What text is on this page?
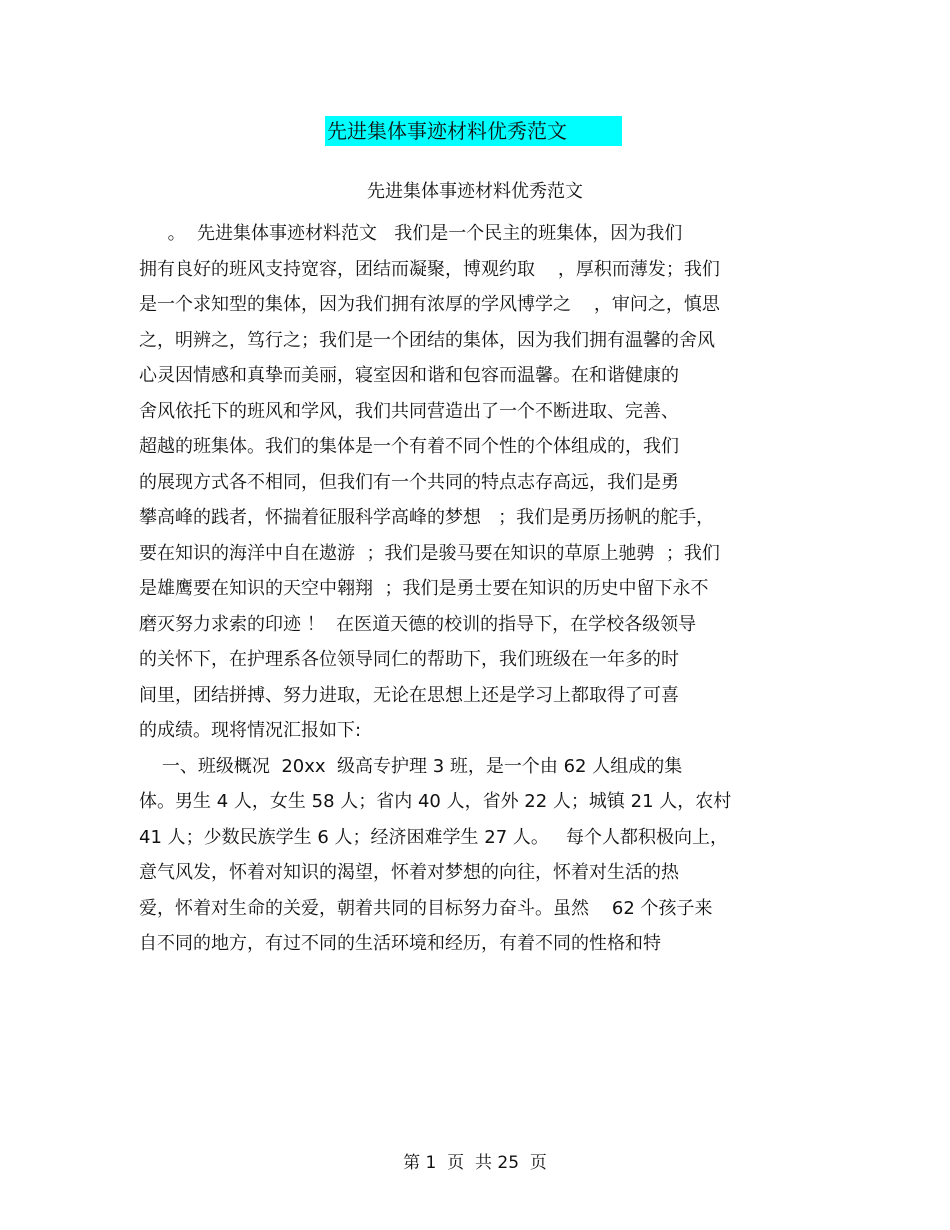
先进集体事迹材料优秀范文
先进集体事迹材料优秀范文
。  先进集体事迹材料范文   我们是一个民主的班集体，因为我们
拥有良好的班风支持宽容，团结而凝聚，博观约取    ，厚积而薄发；我们
是一个求知型的集体，因为我们拥有浓厚的学风博学之    ，审问之，慎思
之，明辨之，笃行之；我们是一个团结的集体，因为我们拥有温馨的舍风
心灵因情感和真挚而美丽，寝室因和谐和包容而温馨。在和谐健康的
舍风依托下的班风和学风，我们共同营造出了一个不断进取、完善、
超越的班集体。我们的集体是一个有着不同个性的个体组成的，我们
的展现方式各不相同，但我们有一个共同的特点志存高远，我们是勇
攀高峰的践者，怀揣着征服科学高峰的梦想   ；我们是勇历扬帆的舵手，
要在知识的海洋中自在遨游  ；我们是骏马要在知识的草原上驰骋  ；我们
是雄鹰要在知识的天空中翱翔  ；我们是勇士要在知识的历史中留下永不
磨灭努力求索的印迹 ！  在医道天德的校训的指导下，在学校各级领导
的关怀下，在护理系各位领导同仁的帮助下，我们班级在一年多的时
间里，团结拼搏、努力进取，无论在思想上还是学习上都取得了可喜
的成绩。现将情况汇报如下:
一、班级概况  20xx  级高专护理 3 班，是一个由 62 人组成的集
体。男生 4 人，女生 58 人；省内 40 人，省外 22 人；城镇 21 人，农村
41 人；少数民族学生 6 人；经济困难学生 27 人。   每个人都积极向上，
意气风发，怀着对知识的渴望，怀着对梦想的向往，怀着对生活的热
爱，怀着对生命的关爱，朝着共同的目标努力奋斗。虽然    62 个孩子来
自不同的地方，有过不同的生活环境和经历，有着不同的性格和特
第 1  页  共 25  页
